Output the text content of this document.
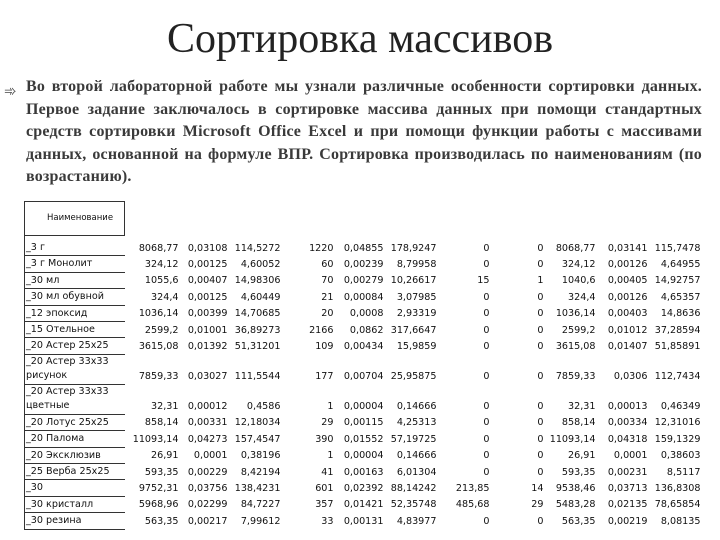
Сортировка массивов
➾ Во второй лабораторной работе мы узнали различные особенности сортировки данных. Первое задание заключалось в сортировке массива данных при помощи стандартных средств сортировки Microsoft Office Excel и при помощи функции работы с массивами данных, основанной на формуле ВПР. Сортировка производилась по наименованиям (по возрастанию).
Наименование											

_3 г	8068,77	0,03108	114,5272	1220	0,04855	178,9247	0	0	8068,77	0,03141	115,7478
_3 г Монолит	324,12	0,00125	4,60052	60	0,00239	8,79958	0	0	324,12	0,00126	4,64955
_30 мл	1055,6	0,00407	14,98306	70	0,00279	10,26617	15	1	1040,6	0,00405	14,92757
_30 мл обувной	324,4	0,00125	4,60449	21	0,00084	3,07985	0	0	324,4	0,00126	4,65357
_12 эпоксид	1036,14	0,00399	14,70685	20	0,0008	2,93319	0	0	1036,14	0,00403	14,8636
_15 Отельное	2599,2	0,01001	36,89273	2166	0,0862	317,6647	0	0	2599,2	0,01012	37,28594
_20 Астер 25х25	3615,08	0,01392	51,31201	109	0,00434	15,9859	0	0	3615,08	0,01407	51,85891
_20 Астер 33х33 рисунок	7859,33	0,03027	111,5544	177	0,00704	25,95875	0	0	7859,33	0,0306	112,7434
_20 Астер 33х33 цветные	32,31	0,00012	0,4586	1	0,00004	0,14666	0	0	32,31	0,00013	0,46349
_20 Лотус 25х25	858,14	0,00331	12,18034	29	0,00115	4,25313	0	0	858,14	0,00334	12,31016
_20 Паломa	11093,14	0,04273	157,4547	390	0,01552	57,19725	0	0	11093,14	0,04318	159,1329
_20 Эксклюзив	26,91	0,0001	0,38196	1	0,00004	0,14666	0	0	26,91	0,0001	0,38603
_25 Верба 25х25	593,35	0,00229	8,42194	41	0,00163	6,01304	0	0	593,35	0,00231	8,5117
_30	9752,31	0,03756	138,4231	601	0,02392	88,14242	213,85	14	9538,46	0,03713	136,8308
_30 кристалл	5968,96	0,02299	84,7227	357	0,01421	52,35748	485,68	29	5483,28	0,02135	78,65854
_30 резина	563,35	0,00217	7,99612	33	0,00131	4,83977	0	0	563,35	0,00219	8,08135
